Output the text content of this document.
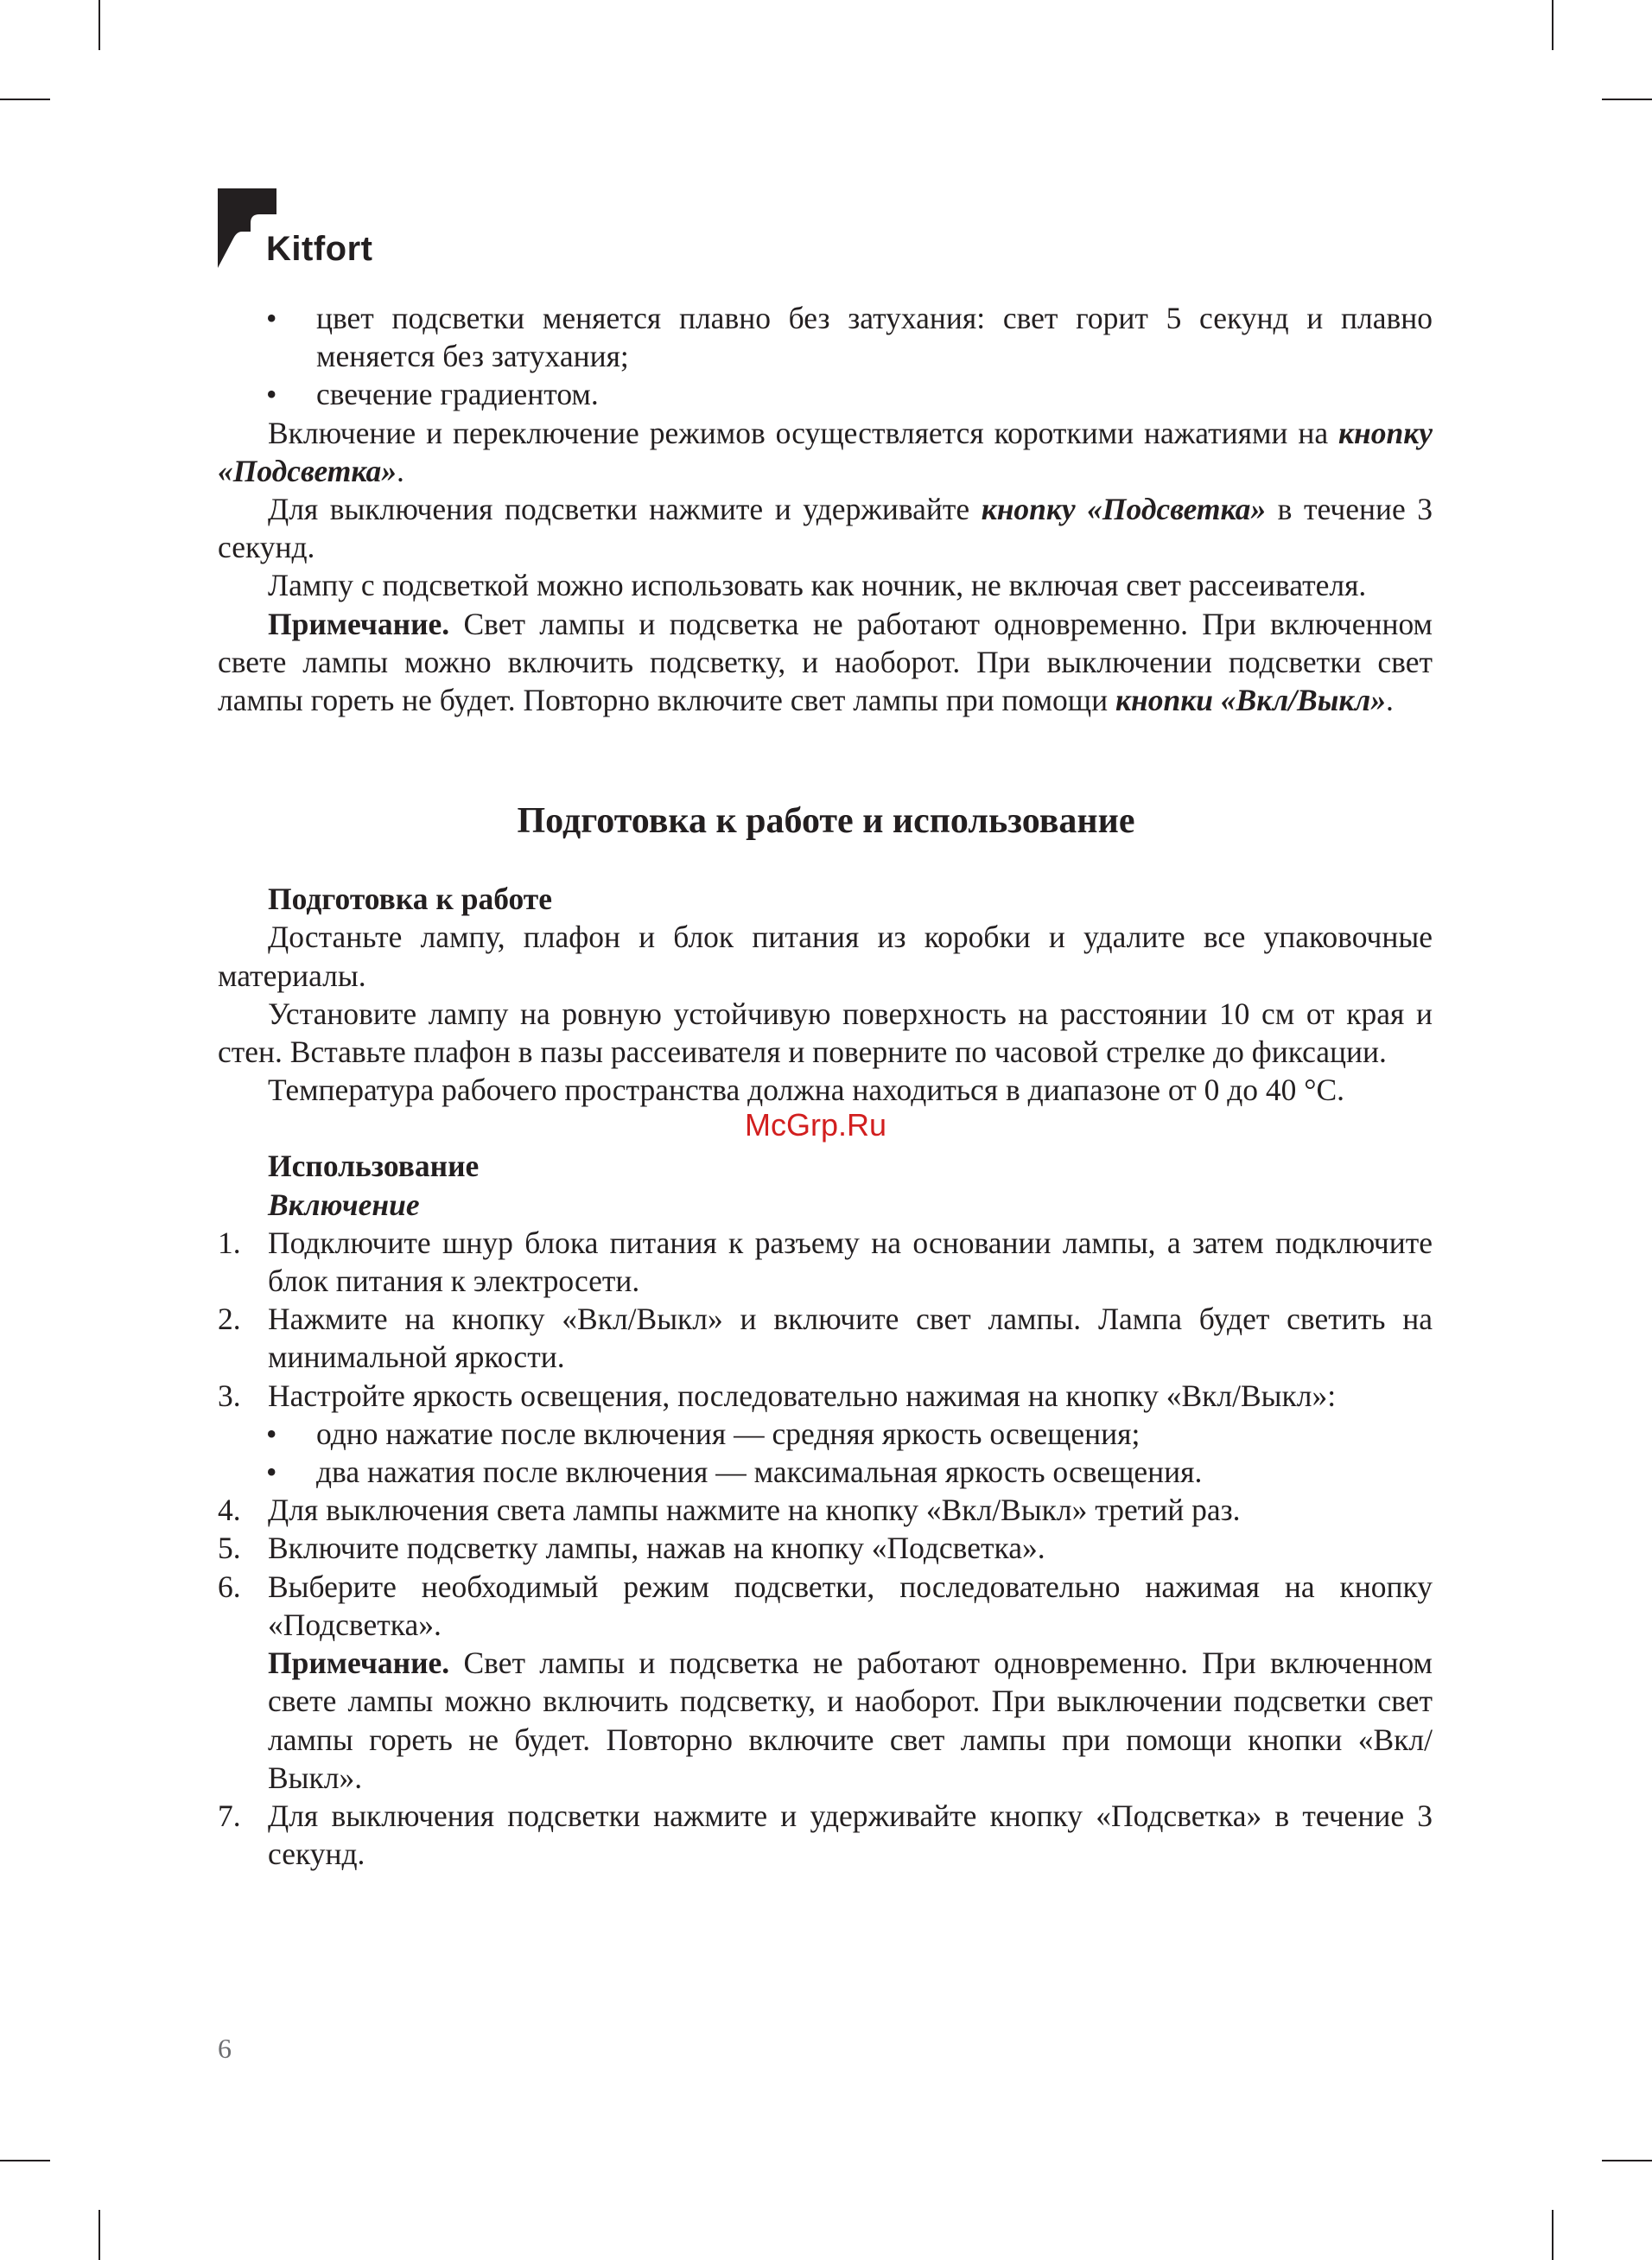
Kitfort
• цвет подсветки меняется плавно без затухания: свет горит 5 секунд и плавно меняется без затухания;
• свечение градиентом.

Включение и переключение режимов осуществляется короткими нажатиями на кнопку «Подсветка».

Для выключения подсветки нажмите и удерживайте кнопку «Подсветка» в течение 3 секунд.

Лампу с подсветкой можно использовать как ночник, не включая свет рассеивателя.

Примечание. Свет лампы и подсветка не работают одновременно. При включенном свете лампы можно включить подсветку, и наоборот. При выключении подсветки свет лампы гореть не будет. Повторно включите свет лампы при помощи кнопки «Вкл/Выкл».

Подготовка к работе и использование
Подготовка к работе

Достаньте лампу, плафон и блок питания из коробки и удалите все упаковочные материалы.

Установите лампу на ровную устойчивую поверхность на расстоянии 10 см от края и стен. Вставьте плафон в пазы рассеивателя и поверните по часовой стрелке до фиксации.

Температура рабочего пространства должна находиться в диапазоне от 0 до 40 °С.

Использование
Включение
1. Подключите шнур блока питания к разъему на основании лампы, а затем подключите блок питания к электросети.
2. Нажмите на кнопку «Вкл/Выкл» и включите свет лампы. Лампа будет светить на минимальной яркости.
3. Настройте яркость освещения, последовательно нажимая на кнопку «Вкл/Выкл»:
• одно нажатие после включения — средняя яркость освещения;
• два нажатия после включения — максимальная яркость освещения.
4. Для выключения света лампы нажмите на кнопку «Вкл/Выкл» третий раз.
5. Включите подсветку лампы, нажав на кнопку «Подсветка».
6. Выберите необходимый режим подсветки, последовательно нажимая на кнопку «Подсветка».
Примечание. Свет лампы и подсветка не работают одновременно. При включенном свете лампы можно включить подсветку, и наоборот. При выключении подсветки свет лампы гореть не будет. Повторно включите свет лампы при помощи кнопки «Вкл/Выкл».
7. Для выключения подсветки нажмите и удерживайте кнопку «Подсветка» в течение 3 секунд.
McGrp.Ru
6
